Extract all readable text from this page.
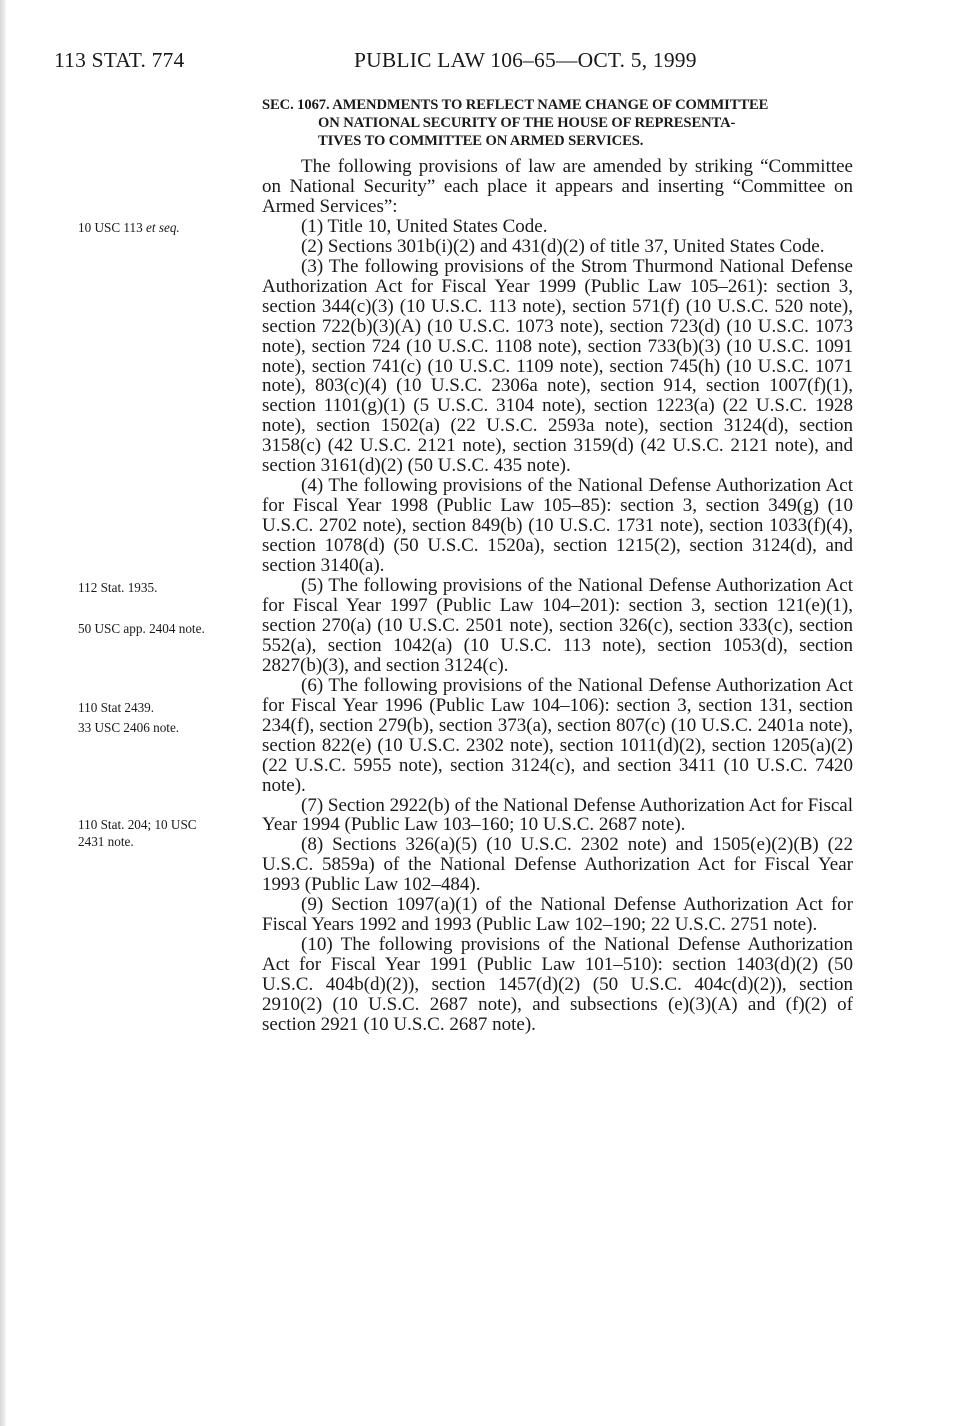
113 STAT. 774	PUBLIC LAW 106–65—OCT. 5, 1999
10 USC 113 et seq.
112 Stat. 1935.
50 USC app. 2404 note.
110 Stat 2439.
33 USC 2406 note.
110 Stat. 204; 10 USC 2431 note.
SEC. 1067. AMENDMENTS TO REFLECT NAME CHANGE OF COMMITTEE
ON NATIONAL SECURITY OF THE HOUSE OF REPRESENTA-
TIVES TO COMMITTEE ON ARMED SERVICES.

The following provisions of law are amended by striking “Committee on National Security” each place it appears and inserting “Committee on Armed Services”:

(1) Title 10, United States Code.

(2) Sections 301b(i)(2) and 431(d)(2) of title 37, United States Code.

(3) The following provisions of the Strom Thurmond National Defense Authorization Act for Fiscal Year 1999 (Public Law 105–261): section 3, section 344(c)(3) (10 U.S.C. 113 note), section 571(f) (10 U.S.C. 520 note), section 722(b)(3)(A) (10 U.S.C. 1073 note), section 723(d) (10 U.S.C. 1073 note), section 724 (10 U.S.C. 1108 note), section 733(b)(3) (10 U.S.C. 1091 note), section 741(c) (10 U.S.C. 1109 note), section 745(h) (10 U.S.C. 1071 note), 803(c)(4) (10 U.S.C. 2306a note), section 914, section 1007(f)(1), section 1101(g)(1) (5 U.S.C. 3104 note), section 1223(a) (22 U.S.C. 1928 note), section 1502(a) (22 U.S.C. 2593a note), section 3124(d), section 3158(c) (42 U.S.C. 2121 note), section 3159(d) (42 U.S.C. 2121 note), and section 3161(d)(2) (50 U.S.C. 435 note).

(4) The following provisions of the National Defense Authorization Act for Fiscal Year 1998 (Public Law 105–85): section 3, section 349(g) (10 U.S.C. 2702 note), section 849(b) (10 U.S.C. 1731 note), section 1033(f)(4), section 1078(d) (50 U.S.C. 1520a), section 1215(2), section 3124(d), and section 3140(a).

(5) The following provisions of the National Defense Authorization Act for Fiscal Year 1997 (Public Law 104–201): section 3, section 121(e)(1), section 270(a) (10 U.S.C. 2501 note), section 326(c), section 333(c), section 552(a), section 1042(a) (10 U.S.C. 113 note), section 1053(d), section 2827(b)(3), and section 3124(c).

(6) The following provisions of the National Defense Authorization Act for Fiscal Year 1996 (Public Law 104–106): section 3, section 131, section 234(f), section 279(b), section 373(a), section 807(c) (10 U.S.C. 2401a note), section 822(e) (10 U.S.C. 2302 note), section 1011(d)(2), section 1205(a)(2) (22 U.S.C. 5955 note), section 3124(c), and section 3411 (10 U.S.C. 7420 note).

(7) Section 2922(b) of the National Defense Authorization Act for Fiscal Year 1994 (Public Law 103–160; 10 U.S.C. 2687 note).

(8) Sections 326(a)(5) (10 U.S.C. 2302 note) and 1505(e)(2)(B) (22 U.S.C. 5859a) of the National Defense Authorization Act for Fiscal Year 1993 (Public Law 102–484).

(9) Section 1097(a)(1) of the National Defense Authorization Act for Fiscal Years 1992 and 1993 (Public Law 102–190; 22 U.S.C. 2751 note).

(10) The following provisions of the National Defense Authorization Act for Fiscal Year 1991 (Public Law 101–510): section 1403(d)(2) (50 U.S.C. 404b(d)(2)), section 1457(d)(2) (50 U.S.C. 404c(d)(2)), section 2910(2) (10 U.S.C. 2687 note), and subsections (e)(3)(A) and (f)(2) of section 2921 (10 U.S.C. 2687 note).
